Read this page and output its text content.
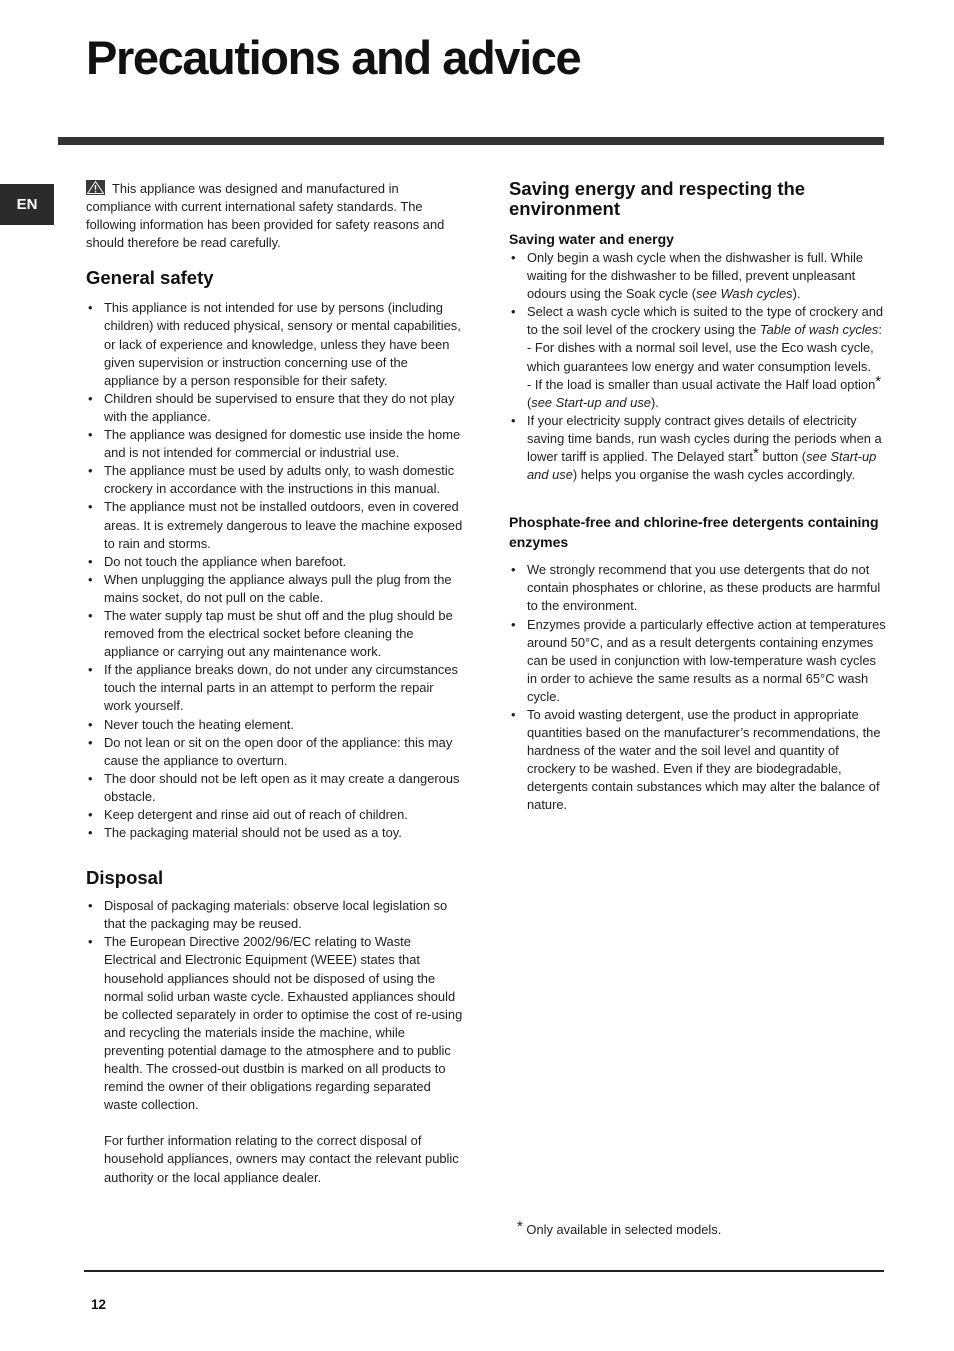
Precautions and advice
EN

This appliance was designed and manufactured in compliance with current international safety standards. The following information has been provided for safety reasons and should therefore be read carefully.

General safety
• This appliance is not intended for use by persons (including children) with reduced physical, sensory or mental capabilities, or lack of experience and knowledge, unless they have been given supervision or instruction concerning use of the appliance by a person responsible for their safety.
• Children should be supervised to ensure that they do not play with the appliance.
• The appliance was designed for domestic use inside the home and is not intended for commercial or industrial use.
• The appliance must be used by adults only, to wash domestic crockery in accordance with the instructions in this manual.
• The appliance must not be installed outdoors, even in covered areas. It is extremely dangerous to leave the machine exposed to rain and storms.
• Do not touch the appliance when barefoot.
• When unplugging the appliance always pull the plug from the mains socket, do not pull on the cable.
• The water supply tap must be shut off and the plug should be removed from the electrical socket before cleaning the appliance or carrying out any maintenance work.
• If the appliance breaks down, do not under any circumstances touch the internal parts in an attempt to perform the repair work yourself.
• Never touch the heating element.
• Do not lean or sit on the open door of the appliance: this may cause the appliance to overturn.
• The door should not be left open as it may create a dangerous obstacle.
• Keep detergent and rinse aid out of reach of children.
• The packaging material should not be used as a toy.
Disposal
• Disposal of packaging materials: observe local legislation so that the packaging may be reused.
• The European Directive 2002/96/EC relating to Waste Electrical and Electronic Equipment (WEEE) states that household appliances should not be disposed of using the normal solid urban waste cycle. Exhausted appliances should be collected separately in order to optimise the cost of re-using and recycling the materials inside the machine, while preventing potential damage to the atmosphere and to public health. The crossed-out dustbin is marked on all products to remind the owner of their obligations regarding separated waste collection.
For further information relating to the correct disposal of household appliances, owners may contact the relevant public authority or the local appliance dealer.
Saving energy and respecting the environment
Saving water and energy
• Only begin a wash cycle when the dishwasher is full. While waiting for the dishwasher to be filled, prevent unpleasant odours using the Soak cycle (see Wash cycles).
• Select a wash cycle which is suited to the type of crockery and to the soil level of the crockery using the Table of wash cycles:
- For dishes with a normal soil level, use the Eco wash cycle, which guarantees low energy and water consumption levels.
- If the load is smaller than usual activate the Half load option* (see Start-up and use).
• If your electricity supply contract gives details of electricity saving time bands, run wash cycles during the periods when a lower tariff is applied. The Delayed start* button (see Start-up and use) helps you organise the wash cycles accordingly.
Phosphate-free and chlorine-free detergents containing enzymes
• We strongly recommend that you use detergents that do not contain phosphates or chlorine, as these products are harmful to the environment.
• Enzymes provide a particularly effective action at temperatures around 50°C, and as a result detergents containing enzymes can be used in conjunction with low-temperature wash cycles in order to achieve the same results as a normal 65°C wash cycle.
• To avoid wasting detergent, use the product in appropriate quantities based on the manufacturer’s recommendations, the hardness of the water and the soil level and quantity of crockery to be washed. Even if they are biodegradable, detergents contain substances which may alter the balance of nature.
* Only available in selected models.
12
